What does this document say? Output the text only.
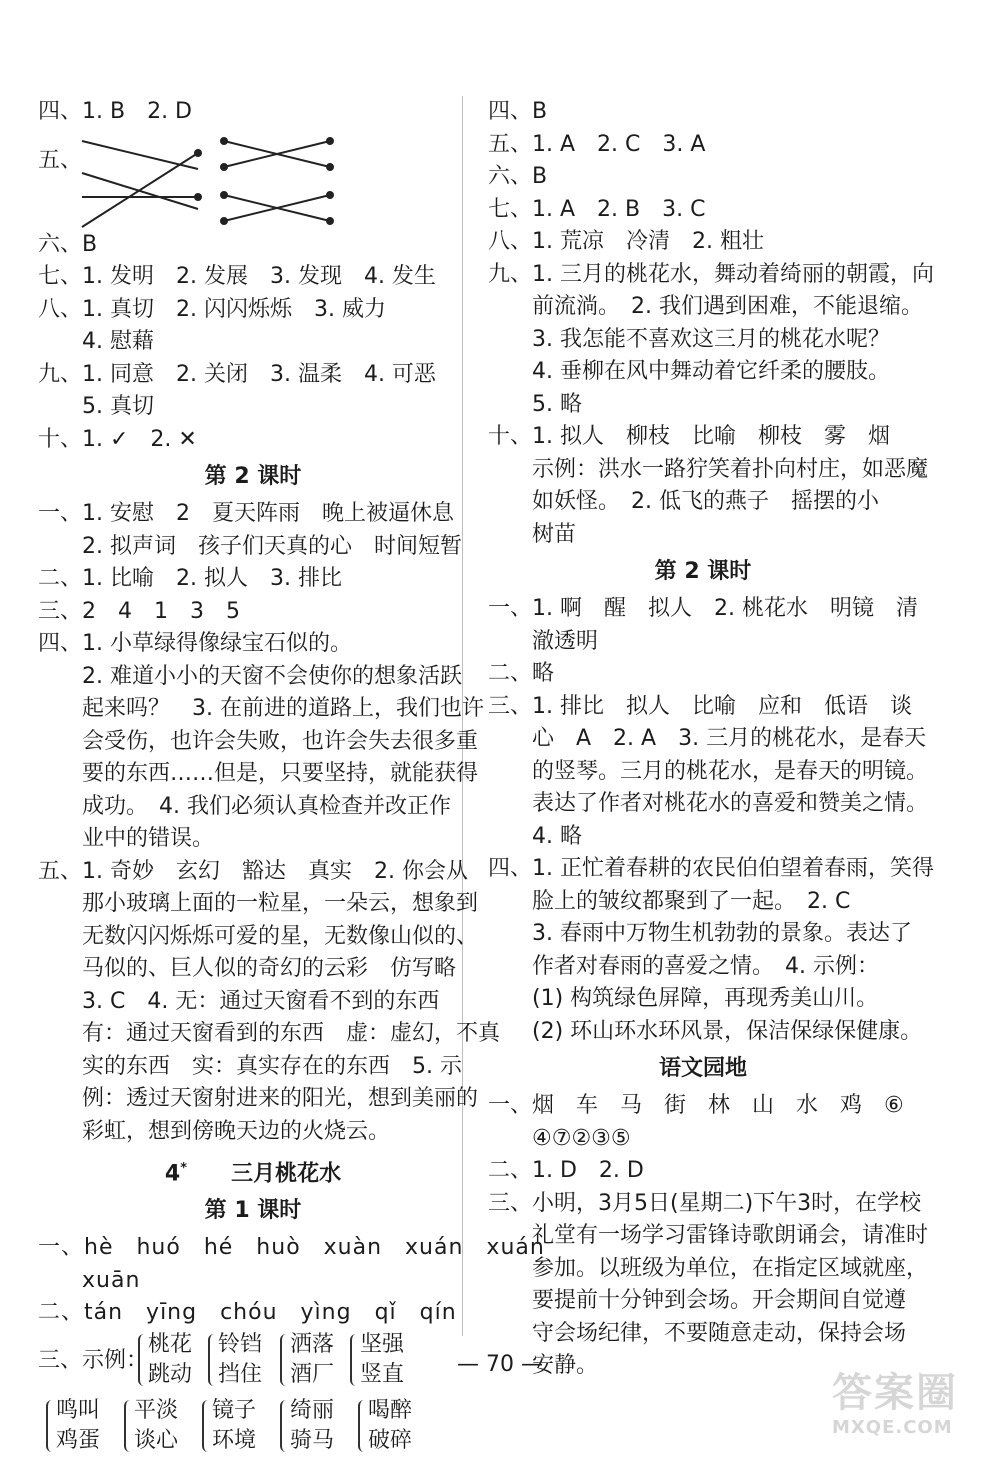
四、1. B　2. D
五、
六、B
七、1. 发明　2. 发展　3. 发现　4. 发生
八、1. 真切　2. 闪闪烁烁　3. 威力
4. 慰藉
九、1. 同意　2. 关闭　3. 温柔　4. 可恶
5. 真切
十、1. ✓　2. ✕
第 2 课时
一、1. 安慰　2　夏天阵雨　晚上被逼休息
2. 拟声词　孩子们天真的心　时间短暂
二、1. 比喻　2. 拟人　3. 排比
三、2　4　1　3　5
四、1. 小草绿得像绿宝石似的。
2. 难道小小的天窗不会使你的想象活跃
起来吗？　3. 在前进的道路上，我们也许
会受伤，也许会失败，也许会失去很多重
要的东西……但是，只要坚持，就能获得
成功。　4. 我们必须认真检查并改正作
业中的错误。
五、1. 奇妙　玄幻　豁达　真实　2. 你会从
那小玻璃上面的一粒星，一朵云，想象到
无数闪闪烁烁可爱的星，无数像山似的、
马似的、巨人似的奇幻的云彩　仿写略
3. C　4. 无：通过天窗看不到的东西
有：通过天窗看到的东西　虚：虚幻，不真
实的东西　实：真实存在的东西　5. 示
例：透过天窗射进来的阳光，想到美丽的
彩虹，想到傍晚天边的火烧云。
4*　　 三月桃花水
第 1 课时
一、hè　huó　hé　huò　xuàn　xuán　xuán
xuān
二、tán　yīng　chóu　yìng　qǐ　qín
三、示例：
桃花
跳动
铃铛
挡住
洒落
酒厂
坚强
竖直
鸣叫
鸡蛋
平淡
谈心
镜子
环境
绮丽
骑马
喝醉
破碎
四、B
五、1. A　2. C　3. A
六、B
七、1. A　2. B　3. C
八、1. 荒凉　冷清　2. 粗壮
九、1. 三月的桃花水，舞动着绮丽的朝霞，向
前流淌。　2. 我们遇到困难，不能退缩。
3. 我怎能不喜欢这三月的桃花水呢？
4. 垂柳在风中舞动着它纤柔的腰肢。
5. 略
十、1. 拟人　柳枝　比喻　柳枝　雾　烟
示例：洪水一路狞笑着扑向村庄，如恶魔
如妖怪。　2. 低飞的燕子　摇摆的小
树苗
第 2 课时
一、1. 啊　醒　拟人　2. 桃花水　明镜　清
澈透明
二、略
三、1. 排比　拟人　比喻　应和　低语　谈
心　A　2. A　3. 三月的桃花水，是春天
的竖琴。三月的桃花水，是春天的明镜。
表达了作者对桃花水的喜爱和赞美之情。
4. 略
四、1. 正忙着春耕的农民伯伯望着春雨，笑得
脸上的皱纹都聚到了一起。　2. C
3. 春雨中万物生机勃勃的景象。表达了
作者对春雨的喜爱之情。　4. 示例：
(1) 构筑绿色屏障，再现秀美山川。
(2) 环山环水环风景，保洁保绿保健康。
语文园地
一、烟　车　马　街　林　山　水　鸡　⑥
④⑦②③⑤
二、1. D　2. D
三、小明，3月5日(星期二)下午3时，在学校
礼堂有一场学习雷锋诗歌朗诵会，请准时
参加。以班级为单位，在指定区域就座，
要提前十分钟到会场。开会期间自觉遵
守会场纪律，不要随意走动，保持会场
安静。
— 70 —
答案圈
MXQE.COM
